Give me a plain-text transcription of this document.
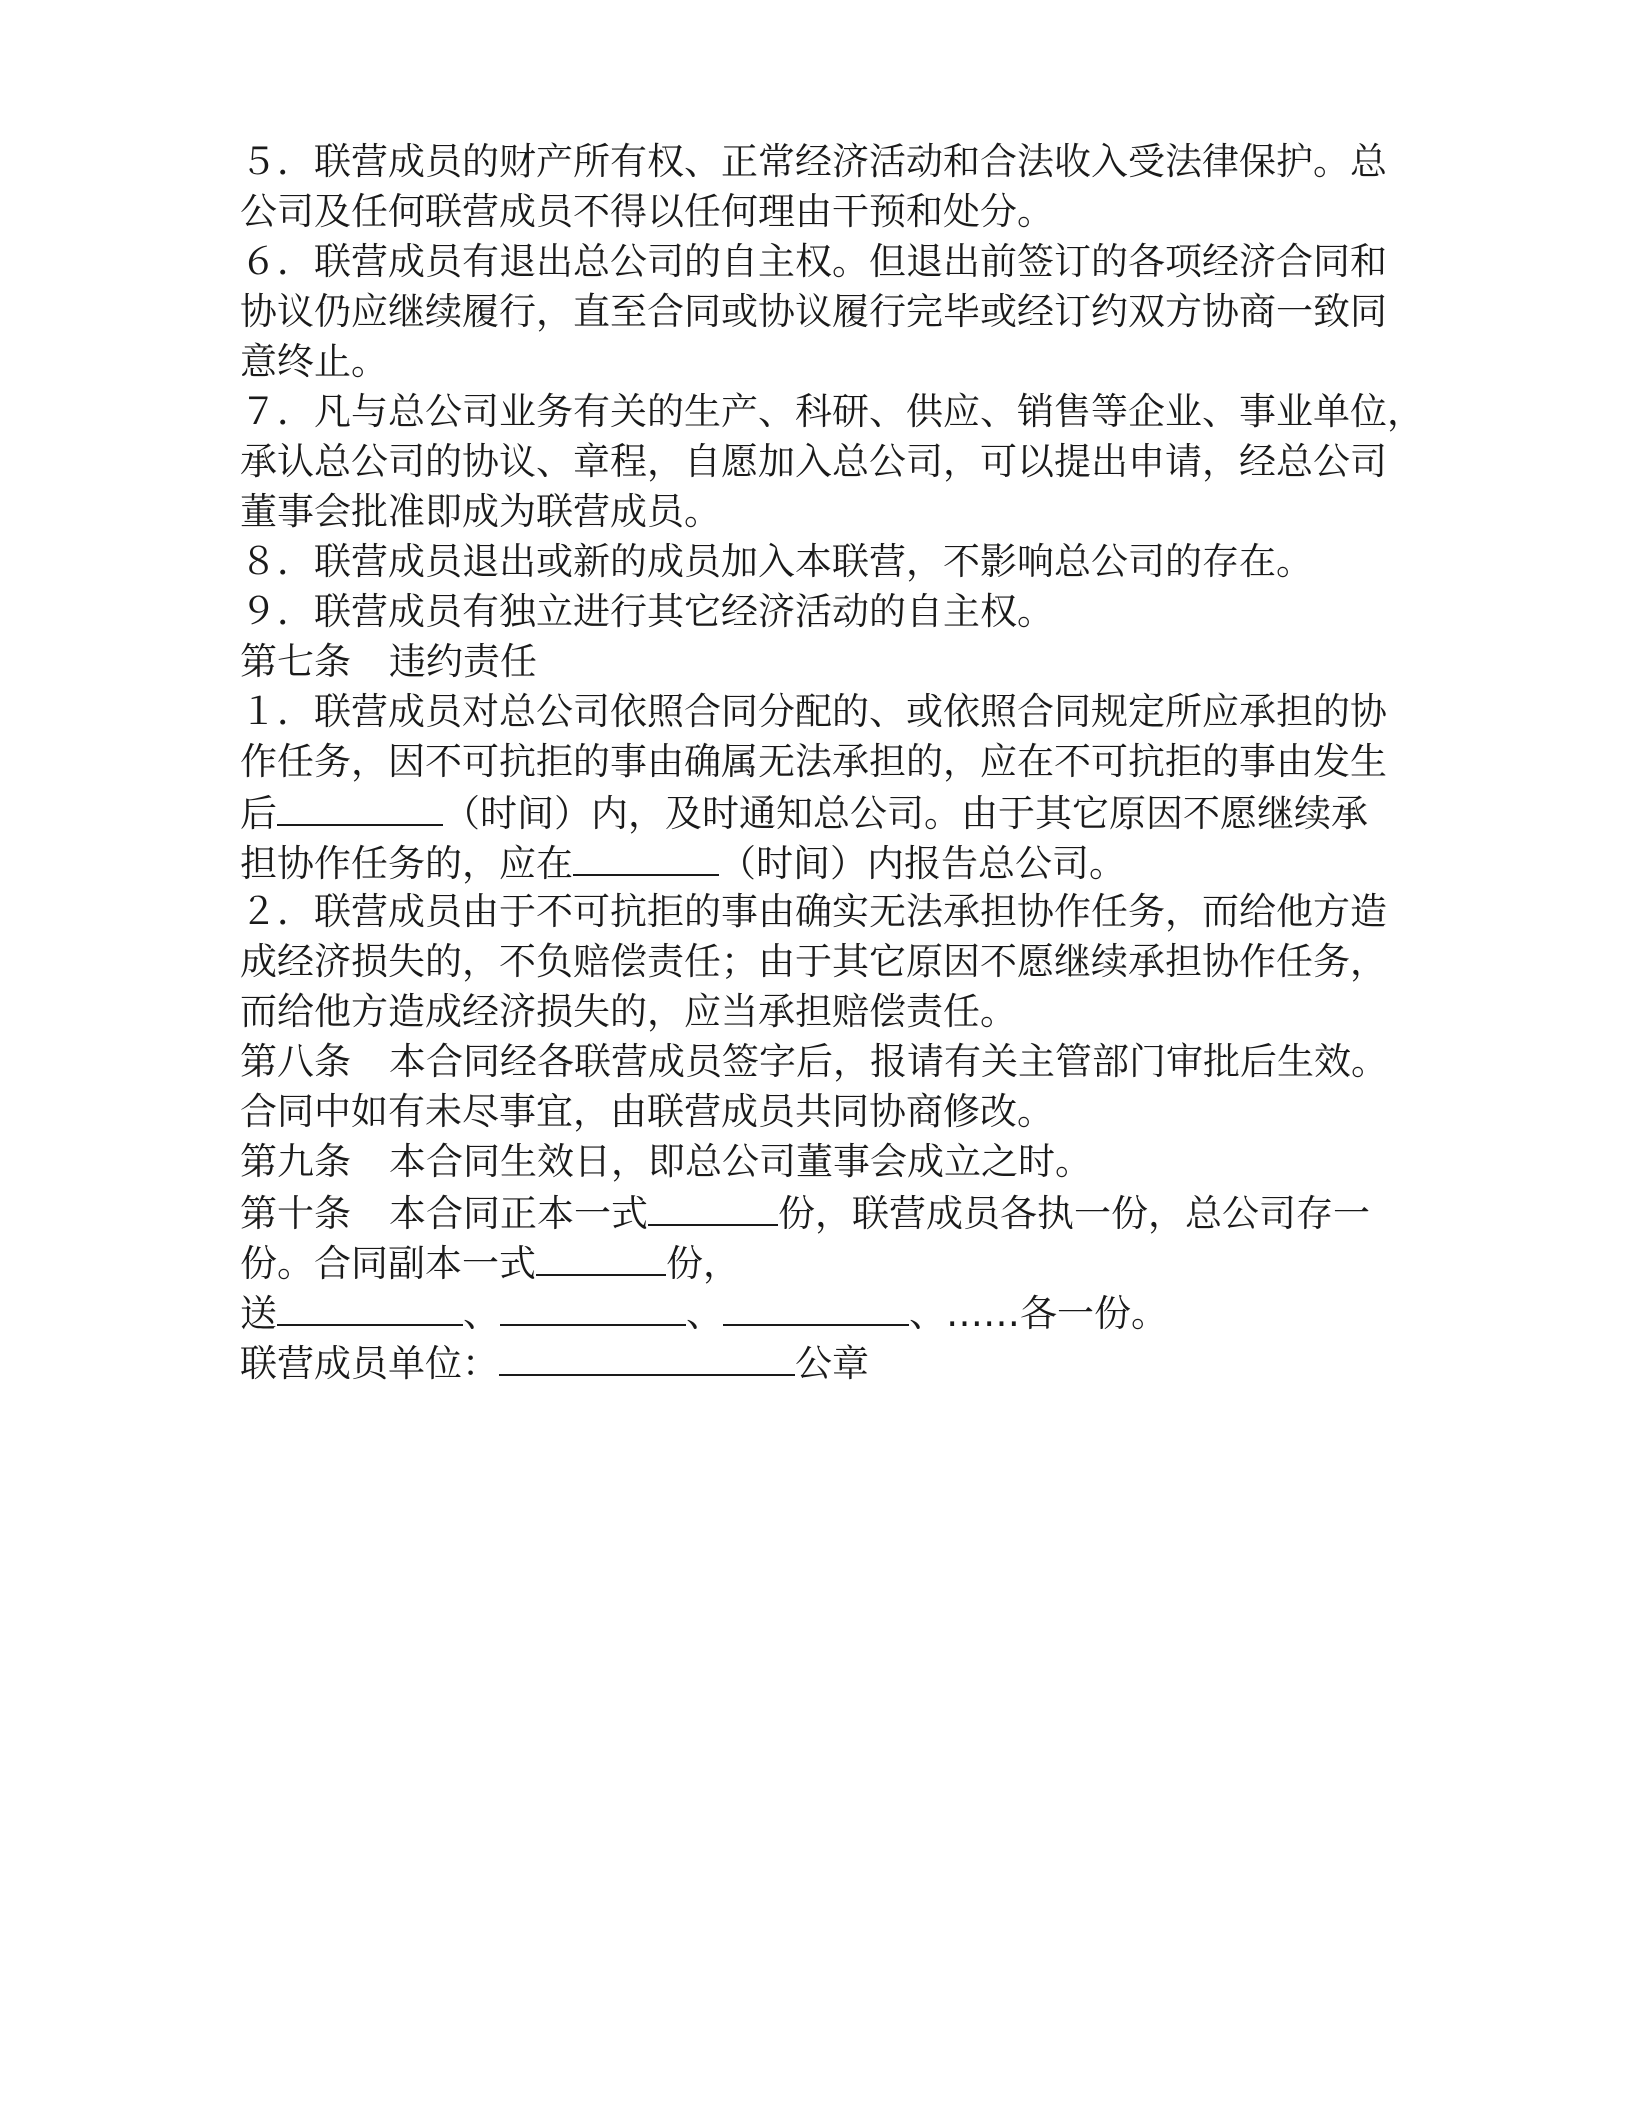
５．联营成员的财产所有权、正常经济活动和合法收入受法律保护。总
公司及任何联营成员不得以任何理由干预和处分。
６．联营成员有退出总公司的自主权。但退出前签订的各项经济合同和
协议仍应继续履行，直至合同或协议履行完毕或经订约双方协商一致同
意终止。
７．凡与总公司业务有关的生产、科研、供应、销售等企业、事业单位，
承认总公司的协议、章程，自愿加入总公司，可以提出申请，经总公司
董事会批准即成为联营成员。
８．联营成员退出或新的成员加入本联营，不影响总公司的存在。
９．联营成员有独立进行其它经济活动的自主权。
第七条 违约责任
１．联营成员对总公司依照合同分配的、或依照合同规定所应承担的协
作任务，因不可抗拒的事由确属无法承担的，应在不可抗拒的事由发生
后	（时间）内，及时通知总公司。由于其它原因不愿继续承
担协作任务的，应在	（时间）内报告总公司。
２．联营成员由于不可抗拒的事由确实无法承担协作任务，而给他方造
成经济损失的，不负赔偿责任；由于其它原因不愿继续承担协作任务，
而给他方造成经济损失的，应当承担赔偿责任。
第八条 本合同经各联营成员签字后，报请有关主管部门审批后生效。
合同中如有未尽事宜，由联营成员共同协商修改。
第九条 本合同生效日，即总公司董事会成立之时。
第十条 本合同正本一式	份，联营成员各执一份，总公司存一
份。合同副本一式	份，
送	、	、	、……各一份。
联营成员单位：	公章
